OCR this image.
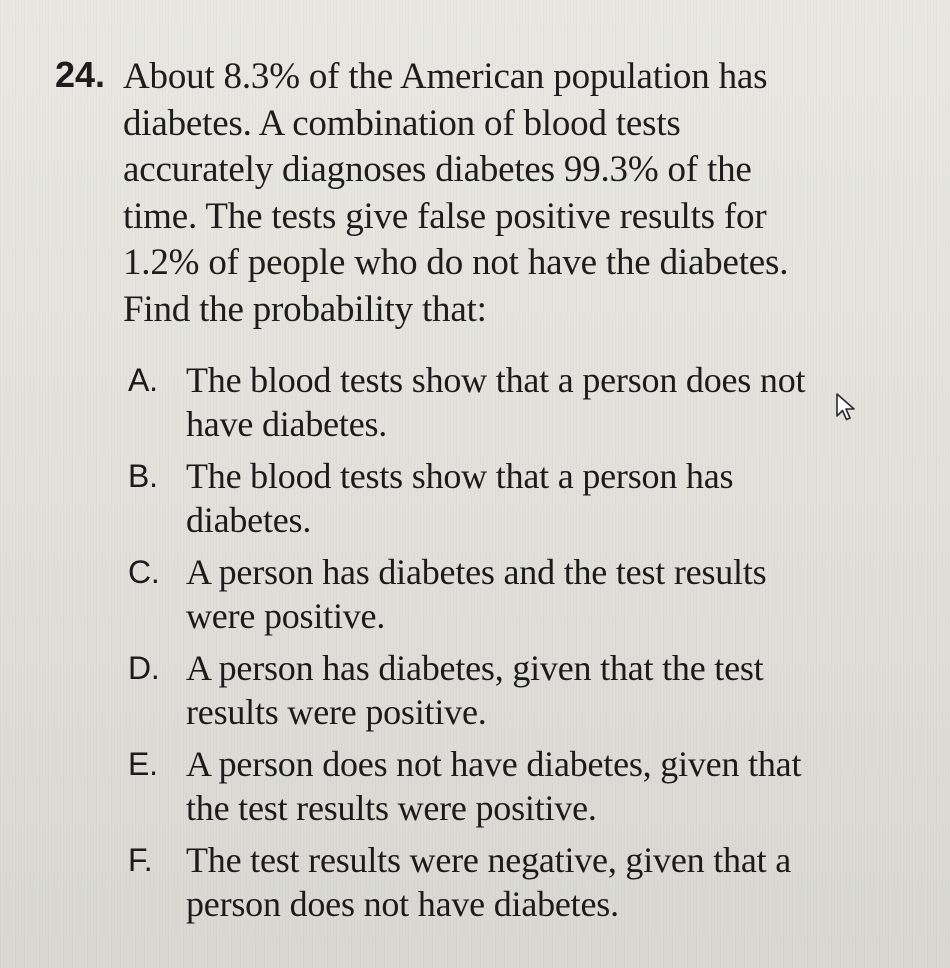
24. About 8.3% of the American population has diabetes. A combination of blood tests accurately diagnoses diabetes 99.3% of the time. The tests give false positive results for 1.2% of people who do not have the diabetes. Find the probability that:
A. The blood tests show that a person does not have diabetes.
B. The blood tests show that a person has diabetes.
C. A person has diabetes and the test results were positive.
D. A person has diabetes, given that the test results were positive.
E. A person does not have diabetes, given that the test results were positive.
F. The test results were negative, given that a person does not have diabetes.
